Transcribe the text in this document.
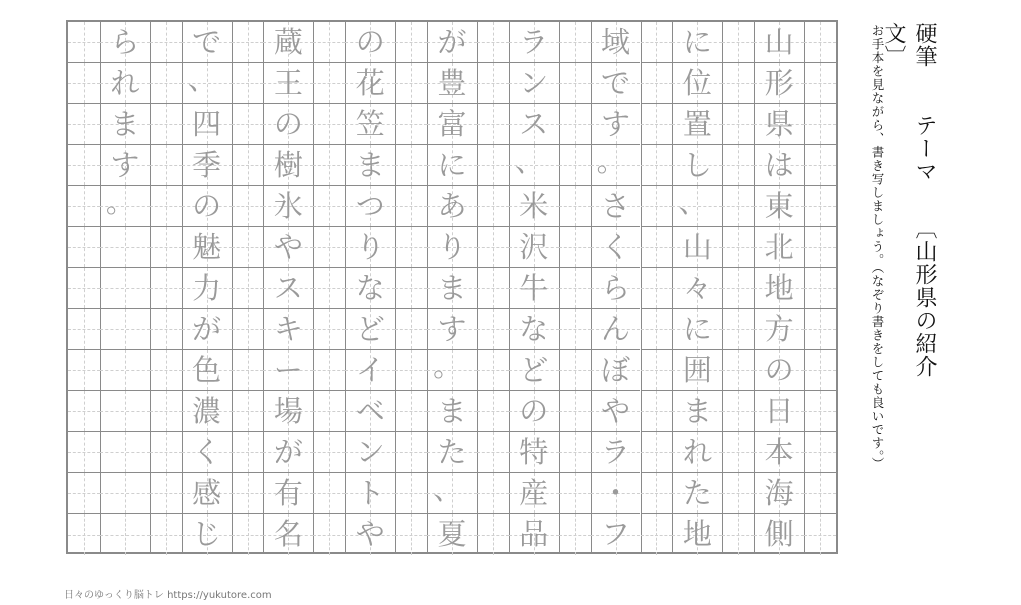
ら
れ
ま
す
。
で
、
四
季
の
魅
力
が
色
濃
く
感
じ
蔵
王
の
樹
氷
や
ス
キ
ー
場
が
有
名
の
花
笠
ま
つ
り
な
ど
イ
ベ
ン
ト
や
が
豊
富
に
あ
り
ま
す
。
ま
た
、
夏
ラ
ン
ス
、
米
沢
牛
な
ど
の
特
産
品
域
で
す
。
さ
く
ら
ん
ぼ
や
ラ
・
フ
に
位
置
し
、
山
々
に
囲
ま
れ
た
地
山
形
県
は
東
北
地
方
の
日
本
海
側
硬筆  テーマ  〔山形県の紹介文〕
お手本を見ながら、書き写しましょう。（なぞり書きをしても良いです。）
日々のゆっくり脳トレ https://yukutore.com
